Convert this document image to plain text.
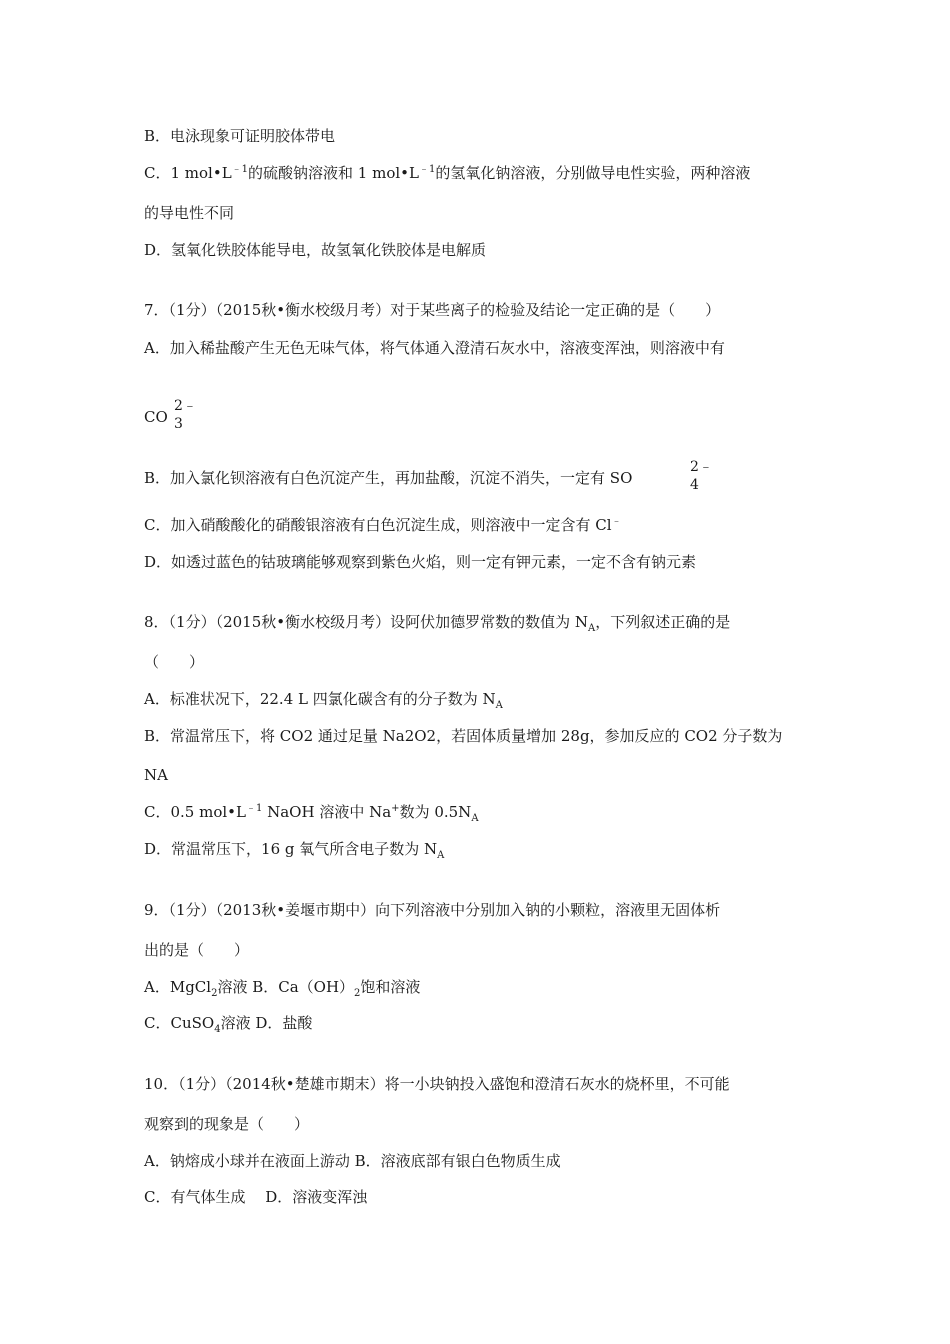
B．电泳现象可证明胶体带电
C．1 $mol•L^{﹣1}$的硫酸钠溶液和 1 $mol•L^{﹣1}$的氢氧化钠溶液，分别做导电性实验，两种溶液
的导电性不同
D．氢氧化铁胶体能导电，故氢氧化铁胶体是电解质
7．（1分）（2015秋•衡水校级月考）对于某些离子的检验及结论一定正确的是（　　）
A．加入稀盐酸产生无色无味气体，将气体通入澄清石灰水中，溶液变浑浊，则溶液中有
CO
2﹣
3
B．加入氯化钡溶液有白色沉淀产生，再加盐酸，沉淀不消失，一定有 SO
2﹣
4
C．加入硝酸酸化的硝酸银溶液有白色沉淀生成，则溶液中一定含有 Cl﹣
D．如透过蓝色的钴玻璃能够观察到紫色火焰，则一定有钾元素，一定不含有钠元素
8．（1分）（2015秋•衡水校级月考）设阿伏加德罗常数的数值为 $N_A$，下列叙述正确的是
（　　）
A．标准状况下，22.4 L 四氯化碳含有的分子数为 $N_A$
B．常温常压下，将 CO2 通过足量 Na2O2，若固体质量增加 28g，参加反应的 CO2 分子数为
NA
C．0.5 $mol•L^{﹣1}$ NaOH 溶液中 Na+数为 $0.5N_A$
D．常温常压下，16 g 氧气所含电子数为 $N_A$
9．（1分）（2013秋•姜堰市期中）向下列溶液中分别加入钠的小颗粒，溶液里无固体析
出的是（　　）
A．MgCl$_2$溶液 B．$Ca(OH)_2$饱和溶液
C．CuSO$_4$溶液 D．盐酸
10．（1分）（2014秋•楚雄市期末）将一小块钠投入盛饱和澄清石灰水的烧杯里，不可能
观察到的现象是（　　）
A．钠熔成小球并在液面上游动 B．溶液底部有银白色物质生成
C．有气体生成　 D．溶液变浑浊
